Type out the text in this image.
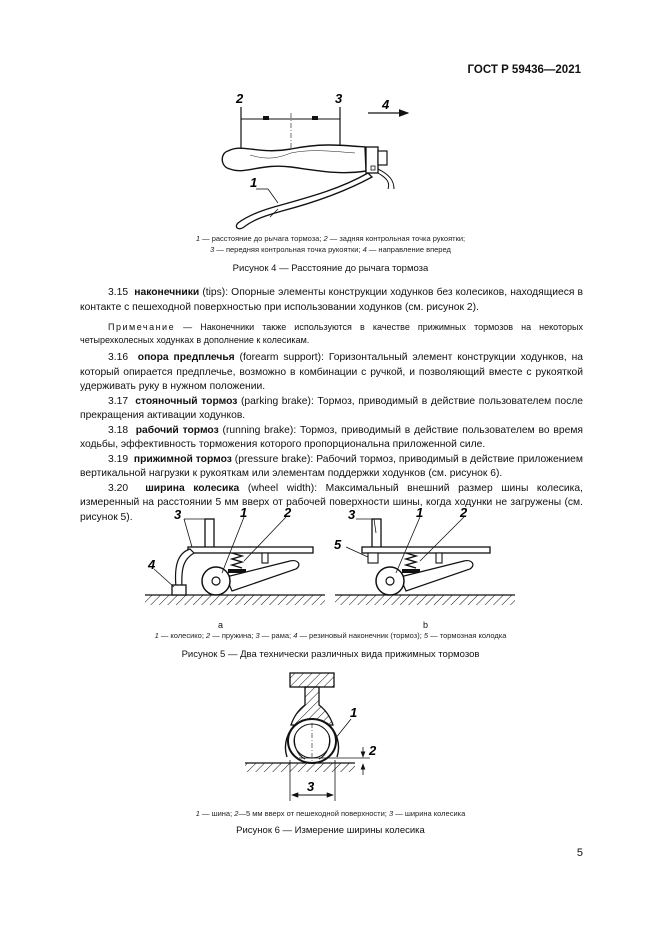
ГОСТ Р 59436—2021
1
2	3	4
1 — расстояние до рычага тормоза; 2 — задняя контрольная точка рукоятки;
3 — передняя контрольная точка рукоятки; 4 — направление вперед
Рисунок 4 — Расстояние до рычага тормоза

3.15 наконечники (tips): Опорные элементы конструкции ходунков без колесиков, находящиеся в контакте с пешеходной поверхностью при использовании ходунков (см. рисунок 2).

Примечание — Наконечники также используются в качестве прижимных тормозов на некоторых четырехколесных ходунках в дополнение к колесикам.

3.16 опора предплечья (forearm support): Горизонтальный элемент конструкции ходунков, на который опирается предплечье, возможно в комбинации с ручкой, и позволяющий вместе с рукояткой удерживать руку в нужном положении.

3.17 стояночный тормоз (parking brake): Тормоз, приводимый в действие пользователем после прекращения активации ходунков.

3.18 рабочий тормоз (running brake): Тормоз, приводимый в действие пользователем во время ходьбы, эффективность торможения которого пропорциональна приложенной силе.

3.19 прижимной тормоз (pressure brake): Рабочий тормоз, приводимый в действие приложением вертикальной нагрузки к рукояткам или элементам поддержки ходунков (см. рисунок 6).

3.20 ширина колесика (wheel width): Максимальный внешний размер шины колесика, измеренный на расстоянии 5 мм вверх от рабочей поверхности шины, когда ходунки не загружены (см. рисунок 5).	3	1	2
4
3	1	2
5
а	b
1 — колесико; 2 — пружина; 3 — рама; 4 — резиновый наконечник (тормоз); 5 — тормозная колодка
Рисунок 5 — Два технически различных вида прижимных тормозов
1
2
3
1 — шина; 2—5 мм вверх от пешеходной поверхности; 3 — ширина колесика
Рисунок 6 — Измерение ширины колесика
5
